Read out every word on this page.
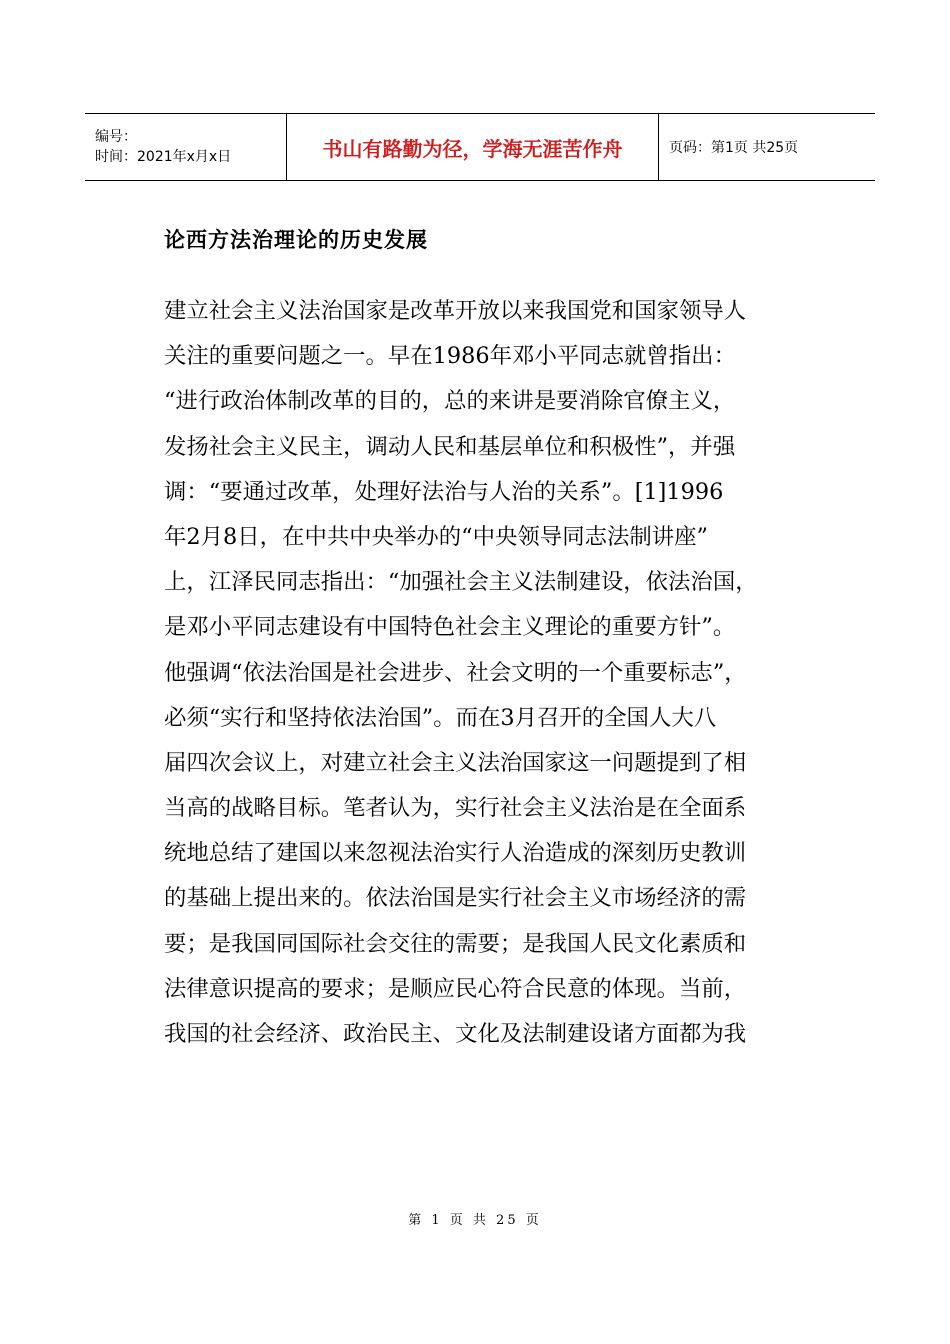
编号：
时间：2021年x月x日	书山有路勤为径，学海无涯苦作舟	页码：第1页 共25页
论西方法治理论的历史发展
建立社会主义法治国家是改革开放以来我国党和国家领导人
关注的重要问题之一。早在1986年邓小平同志就曾指出：
“进行政治体制改革的目的，总的来讲是要消除官僚主义，
发扬社会主义民主，调动人民和基层单位和积极性”，并强
调：“要通过改革，处理好法治与人治的关系”。[1]1996
年2月8日，在中共中央举办的“中央领导同志法制讲座”
上，江泽民同志指出：“加强社会主义法制建设，依法治国，
是邓小平同志建设有中国特色社会主义理论的重要方针”。
他强调“依法治国是社会进步、社会文明的一个重要标志”，
必须“实行和坚持依法治国”。而在3月召开的全国人大八
届四次会议上，对建立社会主义法治国家这一问题提到了相
当高的战略目标。笔者认为，实行社会主义法治是在全面系
统地总结了建国以来忽视法治实行人治造成的深刻历史教训
的基础上提出来的。依法治国是实行社会主义市场经济的需
要；是我国同国际社会交往的需要；是我国人民文化素质和
法律意识提高的要求；是顺应民心符合民意的体现。当前，
我国的社会经济、政治民主、文化及法制建设诸方面都为我
第 1 页 共 25 页
